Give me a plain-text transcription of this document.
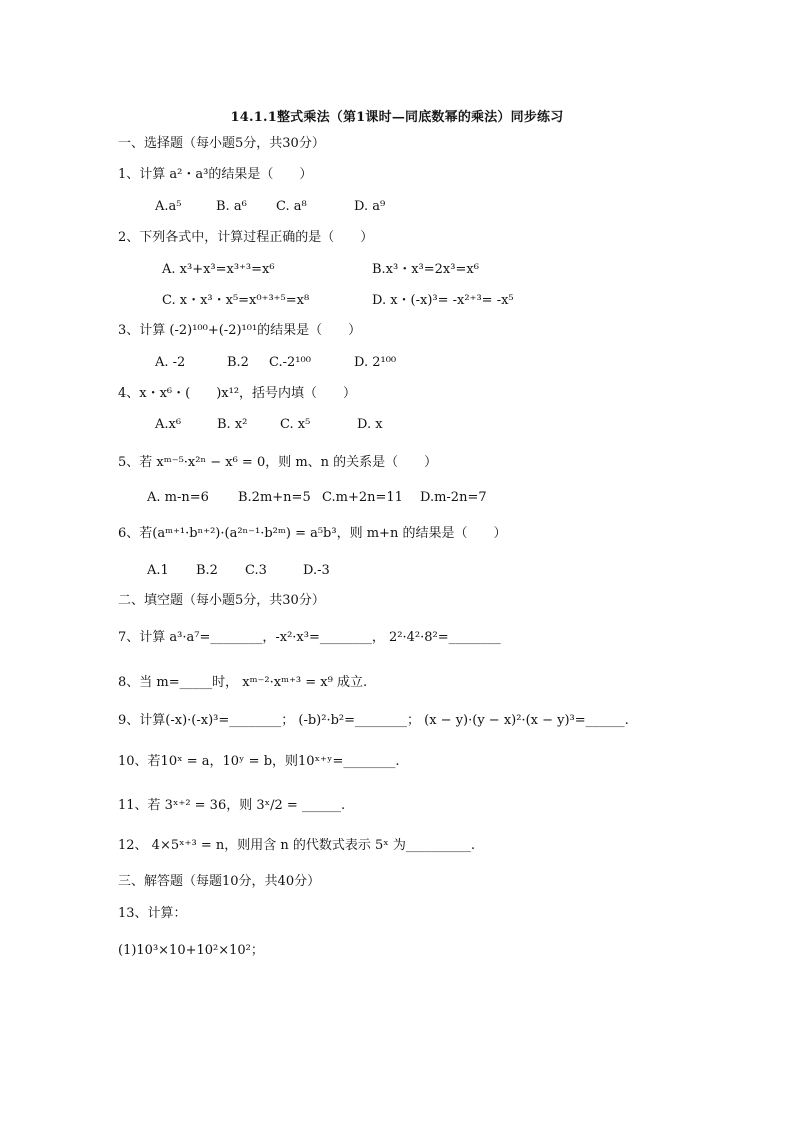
14.1.1整式乘法（第1课时—同底数幂的乘法）同步练习
一、选择题（每小题5分，共30分）
1、计算 a²・a³的结果是（　　）
A.a⁵	B. a⁶ C. a⁸	D. a⁹
2、下列各式中，计算过程正确的是（　　）
A. x³+x³=x³⁺³=x⁶	B.x³・x³=2x³=x⁶
C. x・x³・x⁵=x⁰⁺³⁺⁵=x⁸	D. x・(-x)³= -x²⁺³= -x⁵
3、计算 (-2)¹⁰⁰+(-2)¹⁰¹的结果是（　　）
A. -2	B.2 C.-2¹⁰⁰	D. 2¹⁰⁰
4、x・x⁶・(　　)x¹²，括号内填（　　）
A.x⁶	B. x²	C. x⁵	D. x
5、若 xᵐ⁻⁵·x²ⁿ − x⁶ = 0，则 m、n 的关系是（　　）
A. m-n=6 B.2m+n=5 C.m+2n=11 D.m-2n=7
6、若(aᵐ⁺¹·bⁿ⁺²)·(a²ⁿ⁻¹·b²ᵐ) = a⁵b³，则 m+n 的结果是（　　）
A.1 B.2 C.3	D.-3
二、填空题（每小题5分，共30分）
7、计算 a³·a⁷=________，-x²·x³=________， 2²·4²·8²=________
8、当 m=_____时， xᵐ⁻²·xᵐ⁺³ = x⁹ 成立.
9、计算(-x)·(-x)³=________； (-b)²·b²=________； (x − y)·(y − x)²·(x − y)³=______.
10、若10ˣ = a，10ʸ = b，则10ˣ⁺ʸ=________.
11、若 3ˣ⁺² = 36，则 3ˣ/2 = ______.
12、 4×5ˣ⁺³ = n，则用含 n 的代数式表示 5ˣ 为__________.
三、解答题（每题10分，共40分）
13、计算：
(1)10³×10+10²×10²；
